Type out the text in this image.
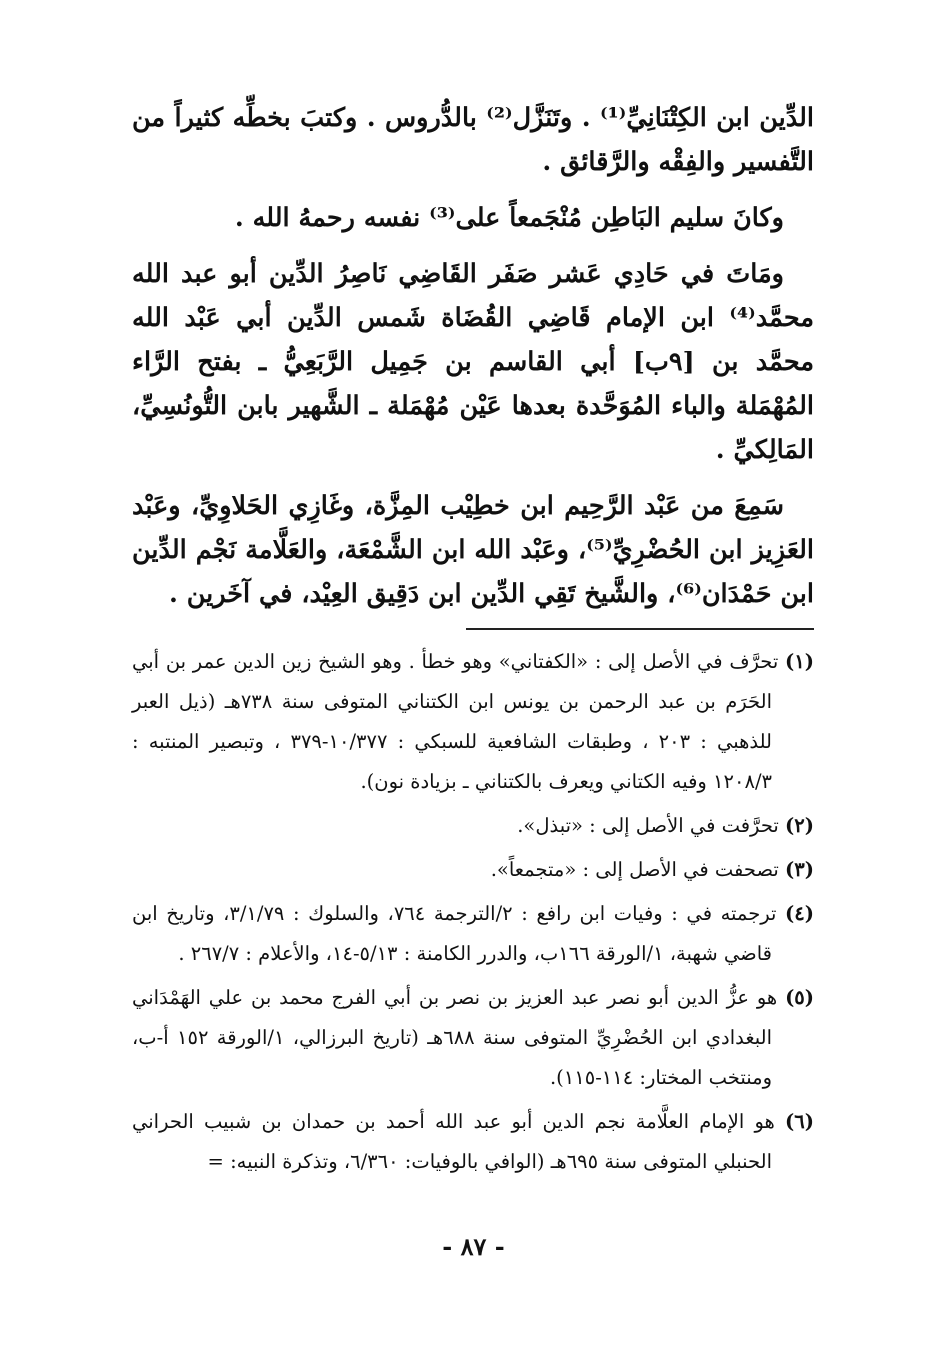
الدِّين ابن الكِتْنَانِيِّ⁽¹⁾ . وتَنَزَّل⁽²⁾ بالدُّروس . وكتبَ بخطِّه كثيراً من التَّفسير والفِقْه والرَّقائق .

وكانَ سليم البَاطِن مُنْجَمعاً على⁽³⁾ نفسه رحمهُ الله .

ومَاتَ في حَادِي عَشر صَفَر القَاضِي نَاصِرُ الدِّين أبو عبد الله محمَّد⁽⁴⁾ ابن الإمام قَاضِي القُضَاة شَمس الدِّين أبي عَبْد الله محمَّد بن [٩ب] أبي القاسم بن جَمِيل الرَّبَعِيُّ ـ بفتح الرَّاء المُهْمَلة والباء المُوَحَّدة بعدها عَيْن مُهْمَلة ـ الشَّهير بابن التُّونُسِيِّ، المَالِكيِّ .

سَمِعَ من عَبْد الرَّحِيم ابن خطِيْب المِزَّة، وغَازِي الحَلاوِيِّ، وعَبْد العَزِيز ابن الحُضْرِيِّ⁽⁵⁾، وعَبْد الله ابن الشَّمْعَة، والعَلَّامة نَجْم الدِّين ابن حَمْدَان⁽⁶⁾، والشَّيخ تَقِي الدِّين ابن دَقِيق العِيْد، في آخَرين .

(١) تحرَّف في الأصل إلى : «الكفتاني» وهو خطأ . وهو الشيخ زين الدين عمر بن أبي الحَرَم بن عبد الرحمن بن يونس ابن الكتناني المتوفى سنة ٧٣٨هـ (ذيل العبر للذهبي : ٢٠٣ ، وطبقات الشافعية للسبكي : ١٠/٣٧٧-٣٧٩ ، وتبصير المنتبه : ١٢٠٨/٣ وفيه الكتاني ويعرف بالكتناني ـ بزيادة نون).

(٢) تحرَّفت في الأصل إلى : «تبذل».

(٣) تصحفت في الأصل إلى : «متجمعاً».

(٤) ترجمته في : وفيات ابن رافع : ٢/الترجمة ٧٦٤، والسلوك : ٣/١/٧٩، وتاريخ ابن قاضي شهبة، ١/الورقة ١٦٦ب، والدرر الكامنة : ٥/١٣-١٤، والأعلام : ٢٦٧/٧ .

(٥) هو عزُّ الدين أبو نصر عبد العزيز بن نصر بن أبي الفرج محمد بن علي الهَمْدَاني البغدادي ابن الحُضْرِيِّ المتوفى سنة ٦٨٨هـ (تاريخ البرزالي، ١/الورقة ١٥٢ أ-ب، ومنتخب المختار: ١١٤-١١٥).

(٦) هو الإمام العلَّامة نجم الدين أبو عبد الله أحمد بن حمدان بن شبيب الحراني الحنبلي المتوفى سنة ٦٩٥هـ (الوافي بالوفيات: ٦/٣٦٠، وتذكرة النبيه: =

- ٨٧ -
